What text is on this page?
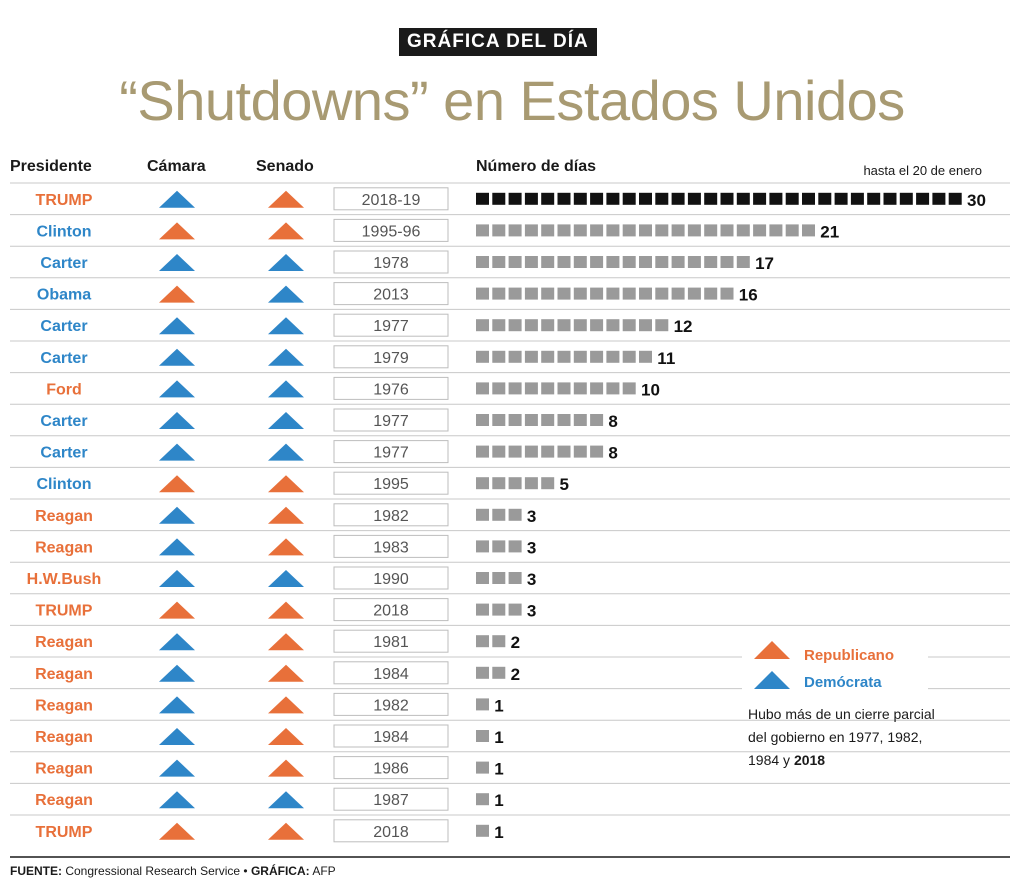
GRÁFICA DEL DÍA
“Shutdowns” en Estados Unidos
Presidente	Cámara	Senado	Número de días	hasta el 20 de enero
TRUMP	2018-19	30
Clinton	1995-96	21
Carter	1978	17
Obama	2013	16
Carter	1977	12
Carter	1979	11
Ford	1976	10
Carter	1977	8
Carter	1977	8
Clinton	1995	5
Reagan	1982	3
Reagan	1983	3
H.W.Bush	1990	3
TRUMP	2018	3
Reagan	1981	2
Reagan	1984	2
Reagan	1982	1
Reagan	1984	1
Reagan	1986	1
Reagan	1987	1
TRUMP	2018	1
Republicano
Demócrata
Hubo más de un cierre parcial del gobierno en 1977, 1982, 1984 y 2018
FUENTE: Congressional Research Service • GRÁFICA: AFP
